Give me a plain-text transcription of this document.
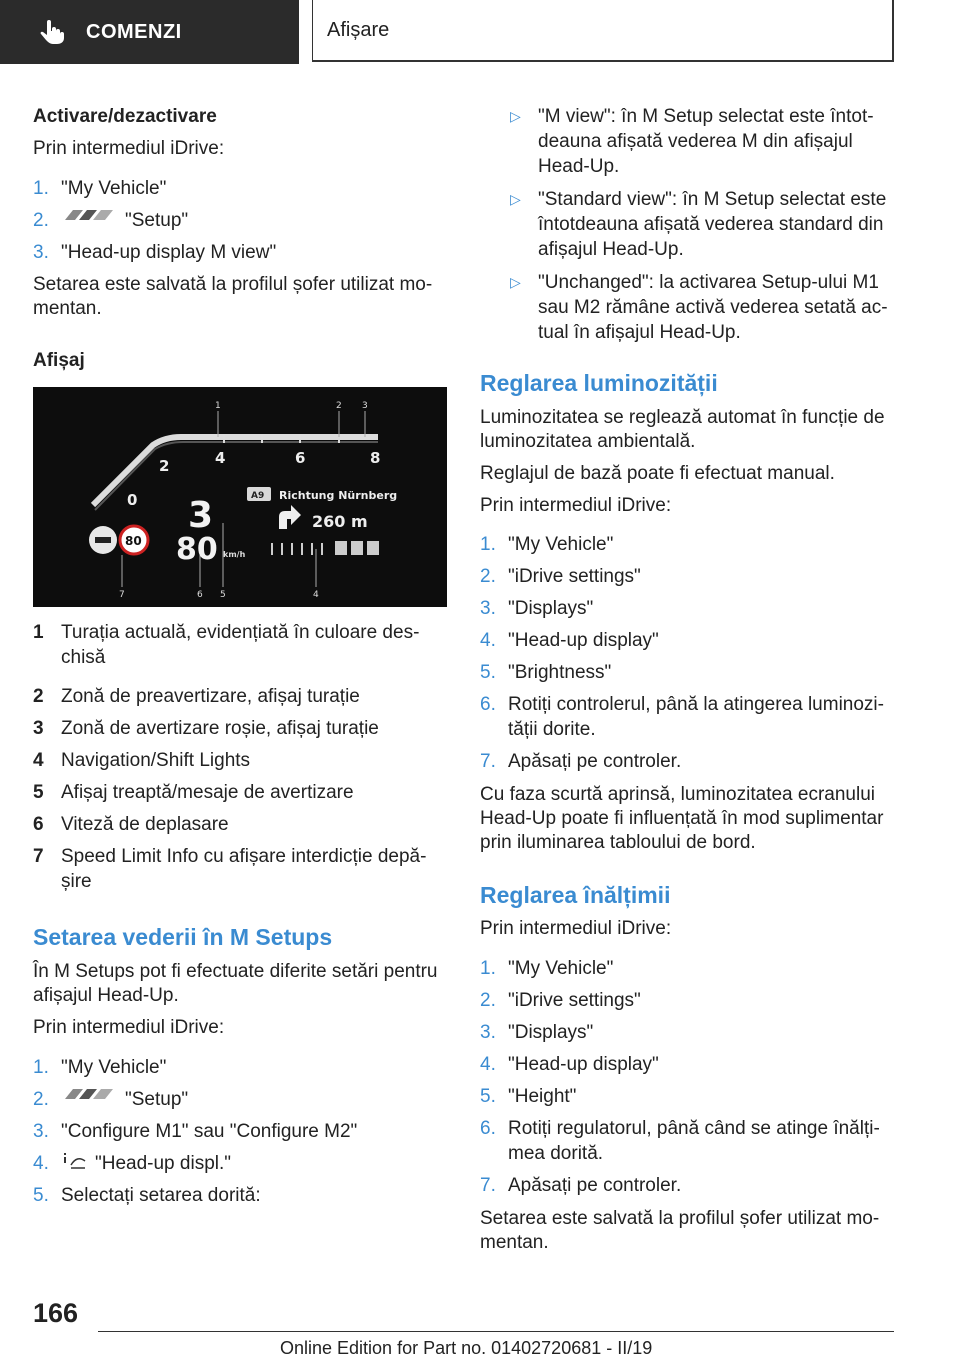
COMENZI	Afișare
Activare/dezactivare
Prin intermediul iDrive:
1. "My Vehicle"
2.	"Setup"
3. "Head-up display M view"
Setarea este salvată la profilul șofer utilizat mo-
mentan.
Afișaj
2	4	6	8
0
1	2 3
4
5
6
7
3
80 km/h
80
A9 Richtung Nürnberg
260 m
1 Turația actuală, evidențiată în culoare des-
chisă
2 Zonă de preavertizare, afișaj turație
3 Zonă de avertizare roșie, afișaj turație
4 Navigation/Shift Lights
5 Afișaj treaptă/mesaje de avertizare
6 Viteză de deplasare
7 Speed Limit Info cu afișare interdicție depă-
șire
Setarea vederii în M Setups
În M Setups pot fi efectuate diferite setări pentru
afișajul Head-Up.
Prin intermediul iDrive:
1. "My Vehicle"
2.	"Setup"
3. "Configure M1" sau "Configure M2"
4.	"Head-up displ."
5. Selectați setarea dorită:
▷ "M view": în M Setup selectat este întot-
deauna afișată vederea M din afișajul
Head-Up.
▷ "Standard view": în M Setup selectat este
întotdeauna afișată vederea standard din
afișajul Head-Up.
▷ "Unchanged": la activarea Setup-ului M1
sau M2 rămâne activă vederea setată ac-
tual în afișajul Head-Up.
Reglarea luminozității
Luminozitatea se reglează automat în funcție de
luminozitatea ambientală.
Reglajul de bază poate fi efectuat manual.
Prin intermediul iDrive:
1. "My Vehicle"
2. "iDrive settings"
3. "Displays"
4. "Head-up display"
5. "Brightness"
6. Rotiți controlerul, până la atingerea luminozi-
tății dorite.
7. Apăsați pe controler.
Cu faza scurtă aprinsă, luminozitatea ecranului
Head-Up poate fi influențată în mod suplimentar
prin iluminarea tabloului de bord.
Reglarea înălțimii
Prin intermediul iDrive:
1. "My Vehicle"
2. "iDrive settings"
3. "Displays"
4. "Head-up display"
5. "Height"
6. Rotiți regulatorul, până când se atinge înălți-
mea dorită.
7. Apăsați pe controler.
Setarea este salvată la profilul șofer utilizat mo-
mentan.
166
Online Edition for Part no. 01402720681 - II/19
